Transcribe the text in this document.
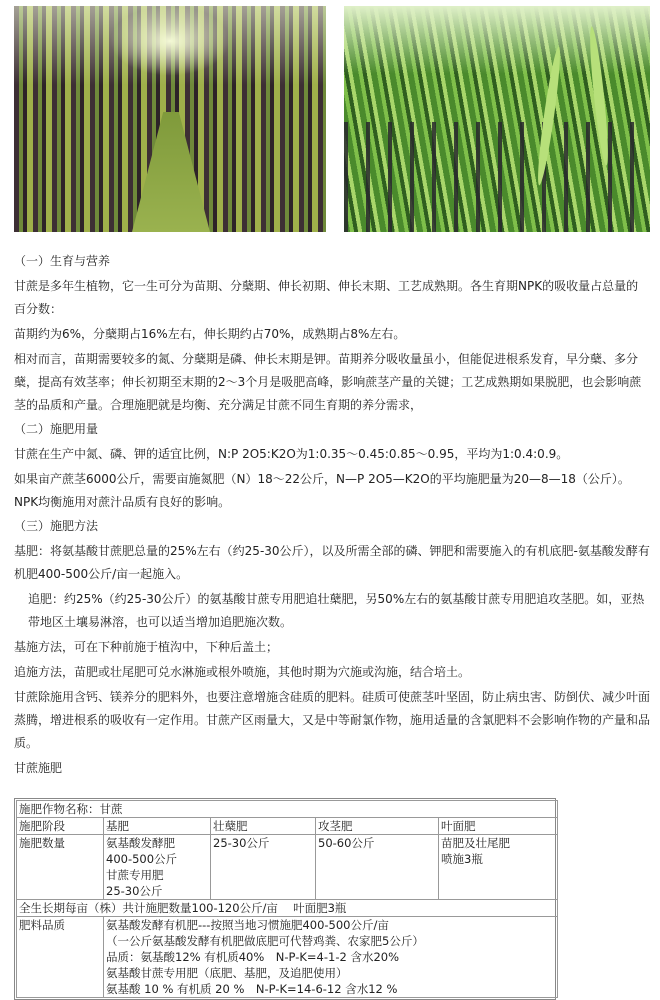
（一）生育与营养

甘蔗是多年生植物，它一生可分为苗期、分蘖期、伸长初期、伸长末期、工艺成熟期。各生育期NPK的吸收量占总量的百分数：

苗期约为6%，分蘖期占16%左右，伸长期约占70%，成熟期占8%左右。

相对而言，苗期需要较多的氮、分蘖期是磷、伸长末期是钾。苗期养分吸收量虽小，但能促进根系发育，早分蘖、多分蘖，提高有效茎率；伸长初期至末期的2～3个月是吸肥高峰，影响蔗茎产量的关键；工艺成熟期如果脱肥，也会影响蔗茎的品质和产量。合理施肥就是均衡、充分满足甘蔗不同生育期的养分需求，

（二）施肥用量

甘蔗在生产中氮、磷、钾的适宜比例，N:P 2O5:K2O为1:0.35～0.45:0.85～0.95，平均为1:0.4:0.9。

如果亩产蔗茎6000公斤，需要亩施氮肥（N）18～22公斤，N—P 2O5—K2O的平均施肥量为20—8—18（公斤）。

NPK均衡施用对蔗汁品质有良好的影响。

（三）施肥方法

基肥：将氨基酸甘蔗肥总量的25%左右（约25-30公斤），以及所需全部的磷、钾肥和需要施入的有机底肥-氨基酸发酵有机肥400-500公斤/亩一起施入。

追肥：约25%（约25-30公斤）的氨基酸甘蔗专用肥追壮蘖肥，另50%左右的氨基酸甘蔗专用肥追攻茎肥。如，亚热带地区土壤易淋溶，也可以适当增加追肥施次数。

基施方法，可在下种前施于植沟中，下种后盖土；

追施方法，苗肥或壮尾肥可兑水淋施或根外喷施，其他时期为穴施或沟施，结合培土。

甘蔗除施用含钙、镁养分的肥料外，也要注意增施含硅质的肥料。硅质可使蔗茎叶坚固，防止病虫害、防倒伏、减少叶面蒸腾，增进根系的吸收有一定作用。甘蔗产区雨量大，又是中等耐氯作物，施用适量的含氯肥料不会影响作物的产量和品质。

甘蔗施肥

施肥作物名称：甘蔗				
施肥阶段	基肥	壮蘖肥	攻茎肥	叶面肥
施肥数量	氨基酸发酵肥
400-500公斤
甘蔗专用肥
25-30公斤	25-30公斤	50-60公斤	苗肥及壮尾肥
喷施3瓶

全生长期每亩（株）共计施肥数量100-120公斤/亩　 叶面肥3瓶				
肥料品质	氨基酸发酵有机肥---按照当地习惯施肥400-500公斤/亩
（一公斤氨基酸发酵有机肥做底肥可代替鸡粪、农家肥5公斤）
品质：氨基酸12% 有机质40%　N-P-K=4-1-2 含水20%
氨基酸甘蔗专用肥（底肥、基肥，及追肥使用）
氨基酸 10 % 有机质 20 %　N-P-K=14-6-12 含水12 %			
